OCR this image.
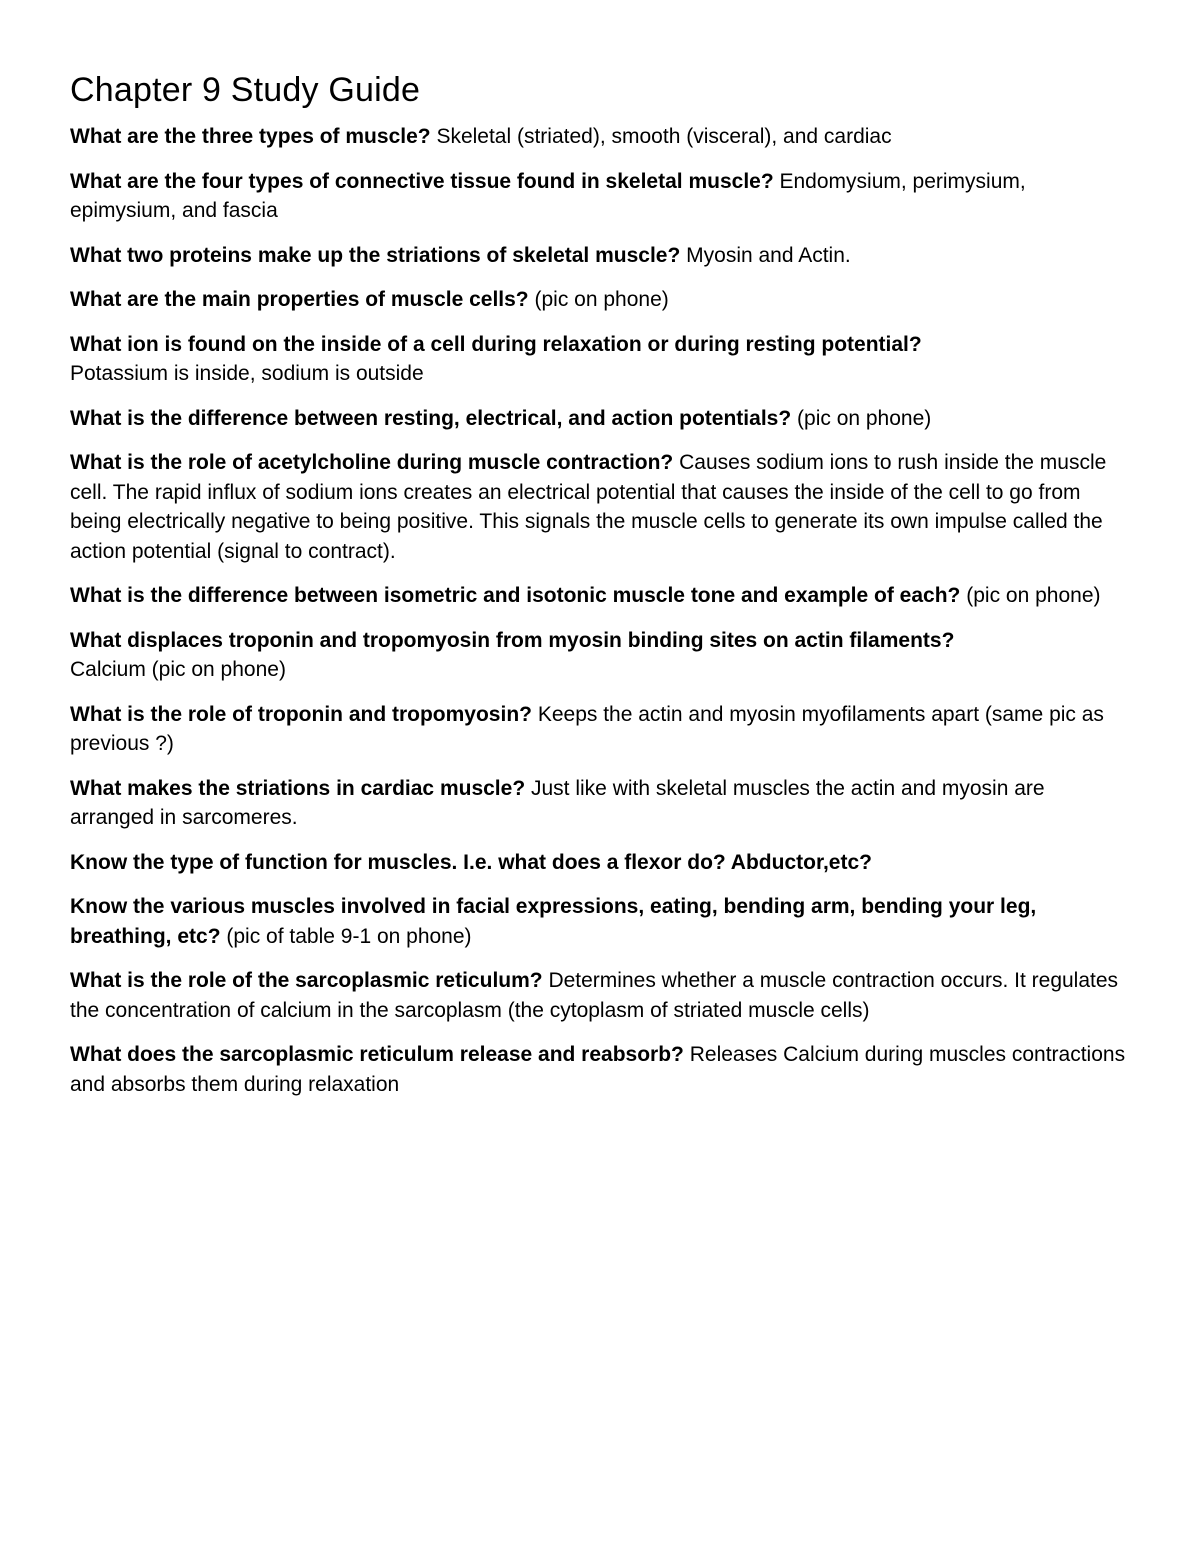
Chapter 9 Study Guide

What are the three types of muscle? Skeletal (striated), smooth (visceral), and cardiac

What are the four types of connective tissue found in skeletal muscle? Endomysium, perimysium, epimysium, and fascia

What two proteins make up the striations of skeletal muscle? Myosin and Actin.

What are the main properties of muscle cells? (pic on phone)

What ion is found on the inside of a cell during relaxation or during resting potential?
Potassium is inside, sodium is outside

What is the difference between resting, electrical, and action potentials? (pic on phone)

What is the role of acetylcholine during muscle contraction? Causes sodium ions to rush inside the muscle cell. The rapid influx of sodium ions creates an electrical potential that causes the inside of the cell to go from being electrically negative to being positive. This signals the muscle cells to generate its own impulse called the action potential (signal to contract).

What is the difference between isometric and isotonic muscle tone and example of each? (pic on phone)

What displaces troponin and tropomyosin from myosin binding sites on actin filaments?
Calcium (pic on phone)

What is the role of troponin and tropomyosin? Keeps the actin and myosin myofilaments apart (same pic as previous ?)

What makes the striations in cardiac muscle? Just like with skeletal muscles the actin and myosin are arranged in sarcomeres.

Know the type of function for muscles. I.e. what does a flexor do? Abductor,etc?

Know the various muscles involved in facial expressions, eating, bending arm, bending your leg, breathing, etc? (pic of table 9-1 on phone)

What is the role of the sarcoplasmic reticulum? Determines whether a muscle contraction occurs. It regulates the concentration of calcium in the sarcoplasm (the cytoplasm of striated muscle cells)

What does the sarcoplasmic reticulum release and reabsorb? Releases Calcium during muscles contractions and absorbs them during relaxation
